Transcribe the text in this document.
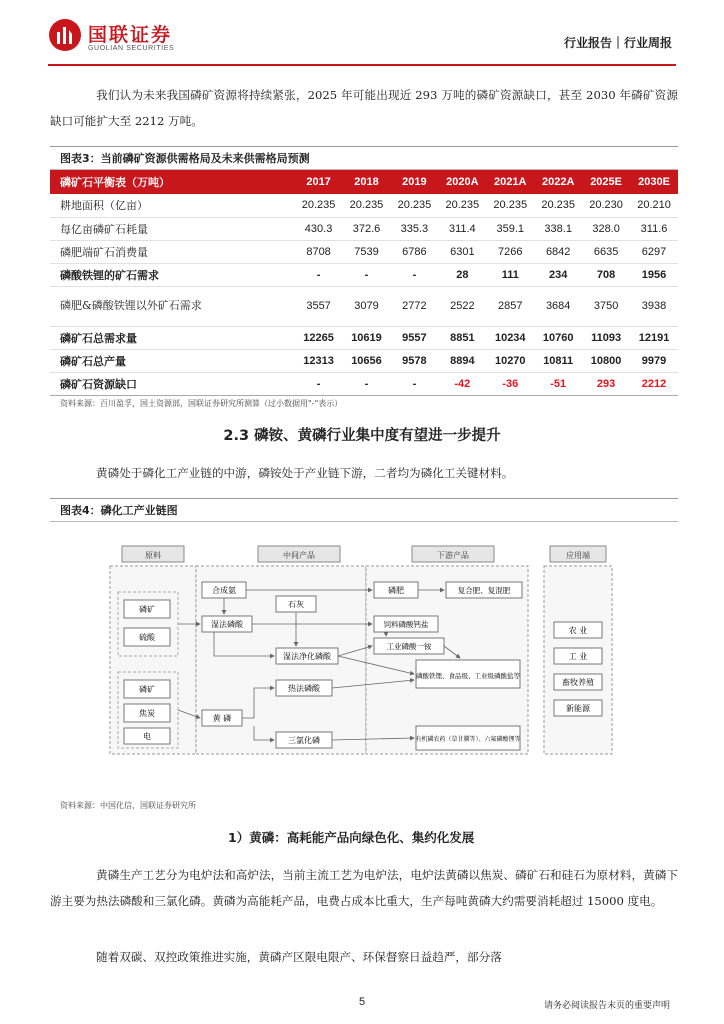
国联证券
GUOLIAN SECURITIES	行业报告｜行业周报
我们认为未来我国磷矿资源将持续紧张，2025 年可能出现近 293 万吨的磷矿资源缺口，甚至 2030 年磷矿资源缺口可能扩大至 2212 万吨。
图表3：当前磷矿资源供需格局及未来供需格局预测
磷矿石平衡表（万吨）	2017	2018	2019	2020A	2021A	2022A	2025E	2030E
耕地面积（亿亩）	20.235	20.235	20.235	20.235	20.235	20.235	20.230	20.210
每亿亩磷矿石耗量	430.3	372.6	335.3	311.4	359.1	338.1	328.0	311.6
磷肥端矿石消费量	8708	7539	6786	6301	7266	6842	6635	6297
磷酸铁锂的矿石需求	-	-	-	28	111	234	708	1956
磷肥&磷酸铁锂以外矿石需求	3557	3079	2772	2522	2857	3684	3750	3938
磷矿石总需求量	12265	10619	9557	8851	10234	10760	11093	12191
磷矿石总产量	12313	10656	9578	8894	10270	10811	10800	9979
磷矿石资源缺口	-	-	-	-42	-36	-51	293	2212
资料来源：百川盈孚，国土资源部，国联证券研究所测算（过小数据用"-"表示）
2.3 磷铵、黄磷行业集中度有望进一步提升
黄磷处于磷化工产业链的中游，磷铵处于产业链下游，二者均为磷化工关键材料。
图表4：磷化工产业链图
原料	中间产品	下游产品	应用端
磷矿
硫酸
磷矿
焦炭
电
合成氨
石灰
湿法磷酸
湿法净化磷酸
热法磷酸
黄 磷
三氯化磷
磷肥	复合肥、复混肥
饲料磷酸钙盐
工业磷酸一铵
磷酸铁锂、食品级、工业级磷酸盐等
有机磷农药（草甘膦等）、六氟磷酸锂等
农 业
工 业
畜牧养殖
新能源
资料来源：中国化信，国联证券研究所
1）黄磷：高耗能产品向绿色化、集约化发展
黄磷生产工艺分为电炉法和高炉法，当前主流工艺为电炉法，电炉法黄磷以焦炭、磷矿石和硅石为原材料，黄磷下游主要为热法磷酸和三氯化磷。黄磷为高能耗产品，电费占成本比重大，生产每吨黄磷大约需要消耗超过 15000 度电。
随着双碳、双控政策推进实施，黄磷产区限电限产、环保督察日益趋严，部分落
5	请务必阅读报告末页的重要声明
